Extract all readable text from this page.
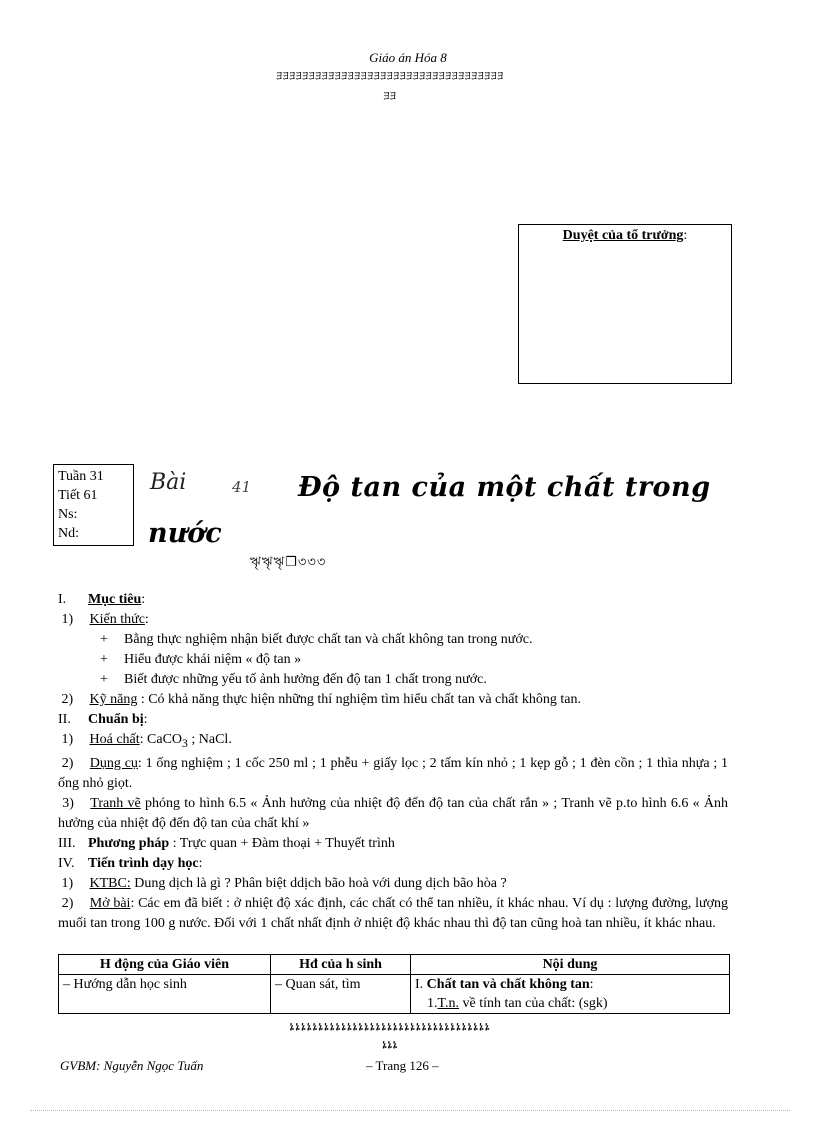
Giáo án Hóa 8
ﾖﾖﾖﾖﾖﾖﾖﾖﾖﾖﾖﾖﾖﾖﾖﾖﾖﾖﾖﾖﾖﾖﾖﾖﾖﾖﾖﾖﾖﾖﾖﾖﾖﾖﾖ
ﾖﾖ
Duyệt của tổ trưởng:
Tuần 31
Tiết 61
Ns:
Nd:
Bài	41 Độ tan của một chất trong
nước
ৠৠৠ❐৩৩৩

I. Mục tiêu:

1) Kiến thức:

+ Bằng thực nghiệm nhận biết được chất tan và chất không tan trong nước.

+ Hiểu được khái niệm « độ tan »

+ Biết được những yếu tố ảnh hưởng đến độ tan 1 chất trong nước.

2) Kỹ năng : Có khả năng thực hiện những thí nghiệm tìm hiểu chất tan và chất không tan.

II. Chuẩn bị:

1) Hoá chất: CaCO$_3$ ; NaCl.

2) Dụng cụ: 1 ống nghiệm ; 1 cốc 250 ml ; 1 phễu + giấy lọc ; 2 tấm kín nhỏ ; 1 kẹp gỗ ; 1 đèn cồn ; 1 thìa nhựa ; 1 ống nhỏ giọt.

3) Tranh vẽ phóng to hình 6.5 « Ảnh hưởng của nhiệt độ đến độ tan của chất rắn » ; Tranh vẽ p.to hình 6.6 « Ảnh hưởng của nhiệt độ đến độ tan của chất khí »

III. Phương pháp : Trực quan + Đàm thoại + Thuyết trình

IV. Tiến trình dạy học:

1) KTBC: Dung dịch là gì ? Phân biệt ddịch bão hoà với dung dịch bão hòa ?

2) Mở bài: Các em đã biết : ở nhiệt độ xác định, các chất có thể tan nhiều, ít khác nhau. Ví dụ : lượng đường, lượng muối tan trong 100 g nước. Đối với 1 chất nhất định ở nhiệt độ khác nhau thì độ tan cũng hoà tan nhiều, ít khác nhau.

H động của Giáo viên	Hđ của h sinh	Nội dung
– Hướng dẫn học sinh	– Quan sát, tìm	I. Chất tan và chất không tan:
1.T.n. về tính tan của chất: (sgk)
ኔኔኔኔኔኔኔኔኔኔኔኔኔኔኔኔኔኔኔኔኔኔኔኔኔኔኔኔኔኔኔኔኔኔኔ
ኔኔኔ
GVBM: Nguyễn Ngọc Tuấn	– Trang 126 –
